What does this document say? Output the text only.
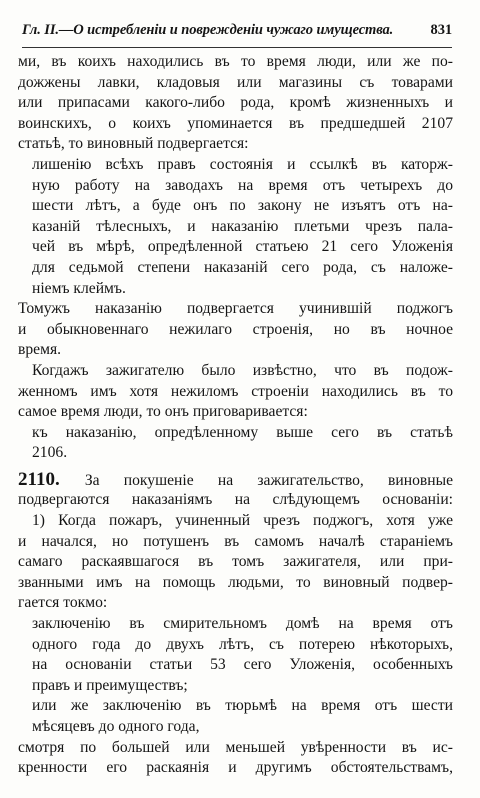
Гл. II.—О истребленіи и поврежденіи чужаго имущества.	831
ми, въ коихъ находились въ то время люди, или же по-
дожжены лавки, кладовыя или магазины съ товарами
или припасами какого-либо рода, кромѣ жизненныхъ и
воинскихъ, о коихъ упоминается въ предшедшей 2107
статьѣ, то виновный подвергается:
лишенію всѣхъ правъ состоянія и ссылкѣ въ каторж-
ную работу на заводахъ на время отъ четырехъ до
шести лѣтъ, а буде онъ по закону не изъятъ отъ на-
казаній тѣлесныхъ, и наказанію плетьми чрезъ пала-
чей въ мѣрѣ, опредѣленной статьею 21 сего Уложенія
для седьмой степени наказаній сего рода, съ наложе-
ніемъ клеймъ.
Томужъ наказанію подвергается учинившій поджогъ
и обыкновеннаго нежилаго строенія, но въ ночное
время.
Когдажъ зажигателю было извѣстно, что въ подож-
женномъ имъ хотя нежиломъ строеніи находились въ то
самое время люди, то онъ приговаривается:
къ наказанію, опредѣленному выше сего въ статьѣ
2106.
2110. За покушеніе на зажигательство, виновные
подвергаются наказаніямъ на слѣдующемъ основаніи:
1) Когда пожаръ, учиненный чрезъ поджогъ, хотя уже
и начался, но потушенъ въ самомъ началѣ стараніемъ
самаго раскаявшагося въ томъ зажигателя, или при-
званными имъ на помощь людьми, то виновный подвер-
гается токмо:
заключенію въ смирительномъ домѣ на время отъ
одного года до двухъ лѣтъ, съ потерею нѣкоторыхъ,
на основаніи статьи 53 сего Уложенія, особенныхъ
правъ и преимуществъ;
или же заключенію въ тюрьмѣ на время отъ шести
мѣсяцевъ до одного года,
смотря по большей или меньшей увѣренности въ ис-
кренности его раскаянія и другимъ обстоятельствамъ,
